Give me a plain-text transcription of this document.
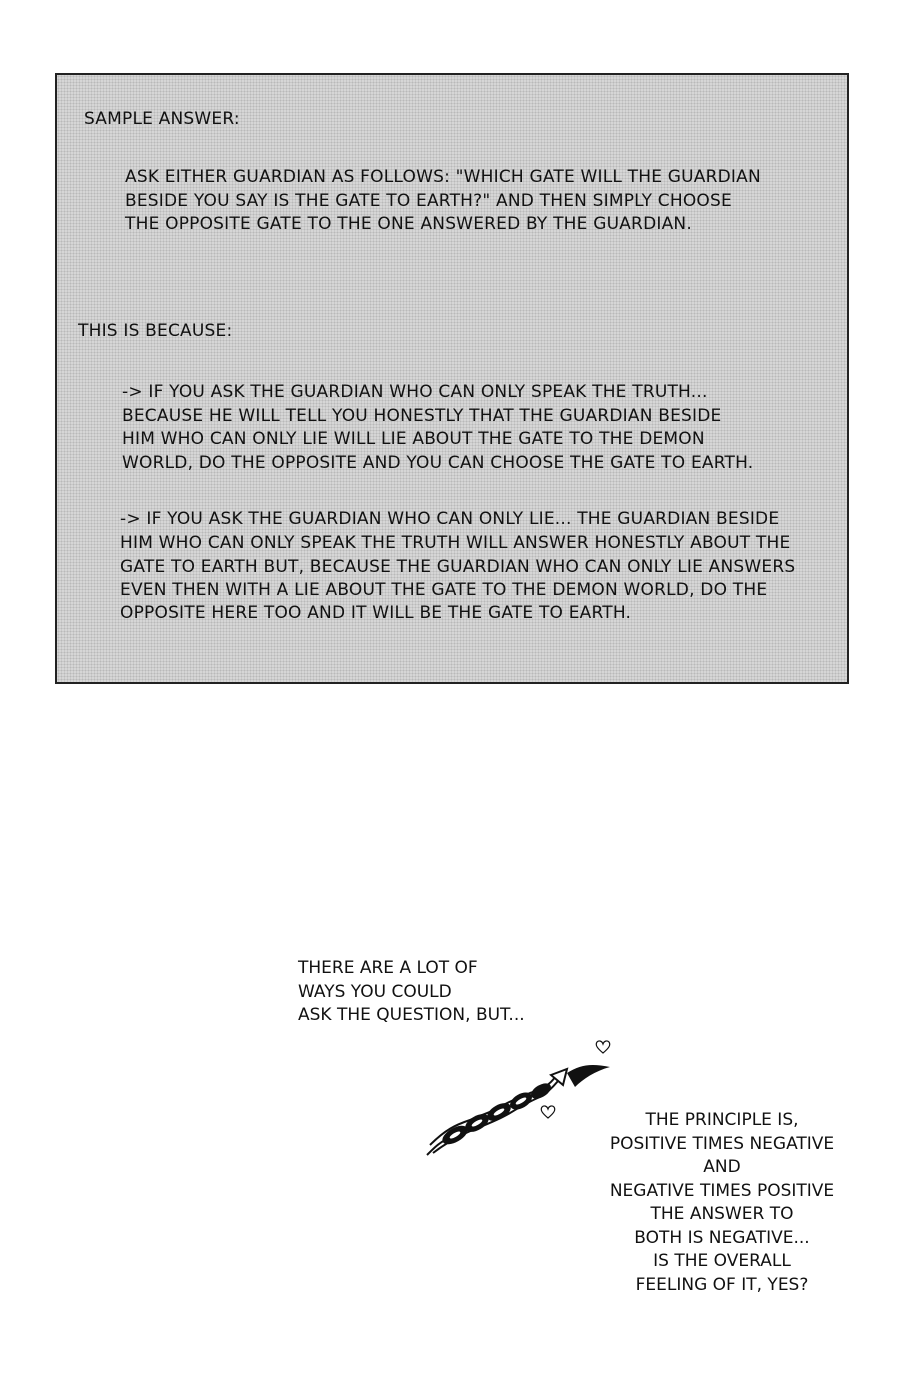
SAMPLE ANSWER:
ASK EITHER GUARDIAN AS FOLLOWS: "WHICH GATE WILL THE GUARDIAN
BESIDE YOU SAY IS THE GATE TO EARTH?" AND THEN SIMPLY CHOOSE
THE OPPOSITE GATE TO THE ONE ANSWERED BY THE GUARDIAN.
THIS IS BECAUSE:
-> IF YOU ASK THE GUARDIAN WHO CAN ONLY SPEAK THE TRUTH...
BECAUSE HE WILL TELL YOU HONESTLY THAT THE GUARDIAN BESIDE
HIM WHO CAN ONLY LIE WILL LIE ABOUT THE GATE TO THE DEMON
WORLD, DO THE OPPOSITE AND YOU CAN CHOOSE THE GATE TO EARTH.
-> IF YOU ASK THE GUARDIAN WHO CAN ONLY LIE... THE GUARDIAN BESIDE
HIM WHO CAN ONLY SPEAK THE TRUTH WILL ANSWER HONESTLY ABOUT THE
GATE TO EARTH BUT, BECAUSE THE GUARDIAN WHO CAN ONLY LIE ANSWERS
EVEN THEN WITH A LIE ABOUT THE GATE TO THE DEMON WORLD, DO THE
OPPOSITE HERE TOO AND IT WILL BE THE GATE TO EARTH.
THERE ARE A LOT OF
WAYS YOU COULD
ASK THE QUESTION, BUT...
THE PRINCIPLE IS,
POSITIVE TIMES NEGATIVE
AND
NEGATIVE TIMES POSITIVE
THE ANSWER TO
BOTH IS NEGATIVE...
IS THE OVERALL
FEELING OF IT, YES?
